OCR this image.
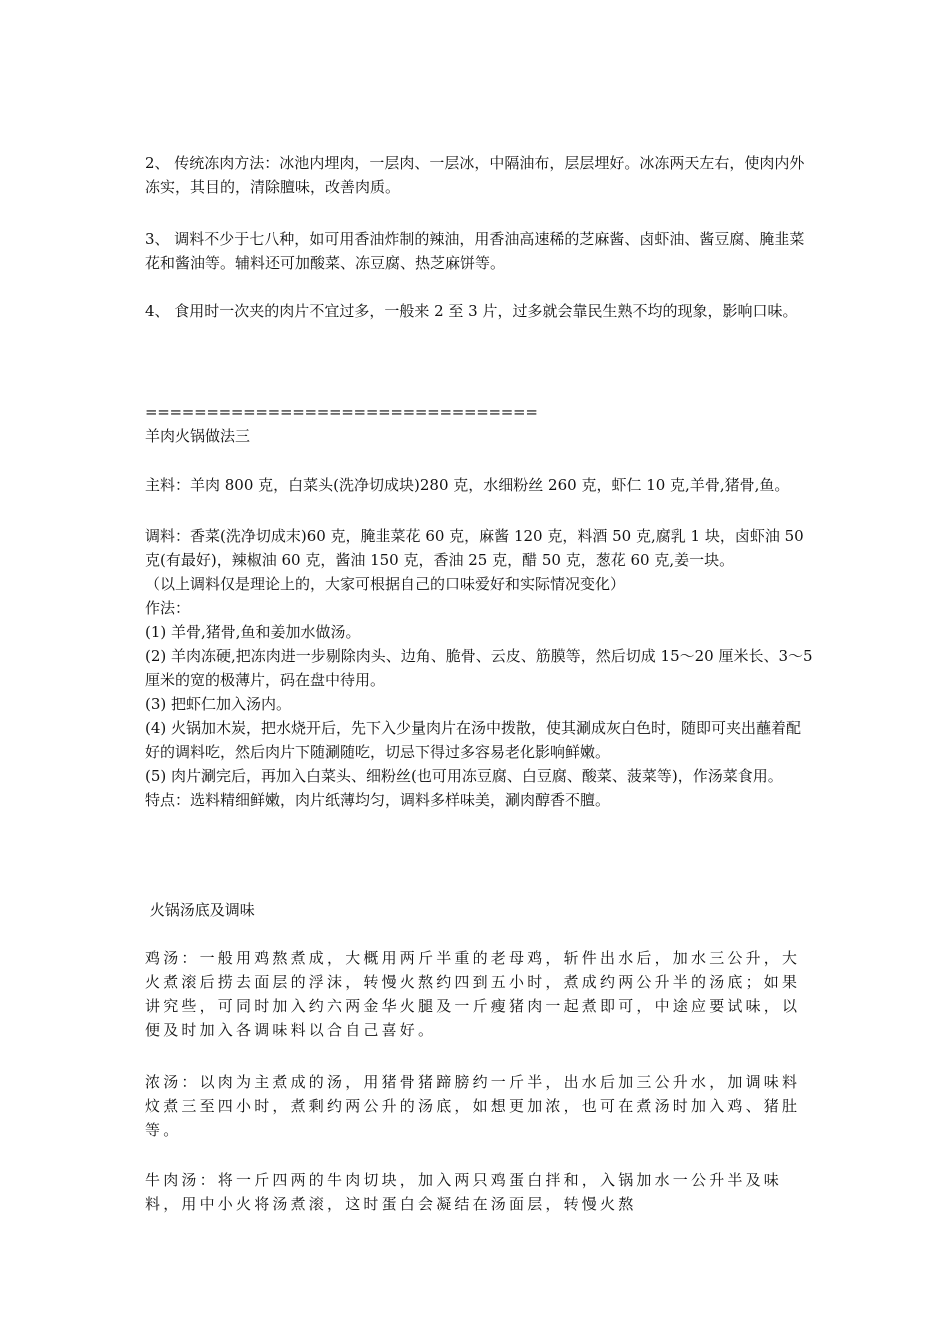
2、 传统冻肉方法：冰池内埋肉，一层肉、一层冰，中隔油布，层层埋好。冰冻两天左右，使肉内外冻实，其目的，清除膻味，改善肉质。

3、 调料不少于七八种，如可用香油炸制的辣油，用香油高速稀的芝麻酱、卤虾油、酱豆腐、腌韭菜花和酱油等。辅料还可加酸菜、冻豆腐、热芝麻饼等。

4、 食用时一次夹的肉片不宜过多，一般来 2 至 3 片，过多就会靠民生熟不均的现象，影响口味。

================================

羊肉火锅做法三

主料：羊肉 800 克，白菜头(洗净切成块)280 克，水细粉丝 260 克，虾仁 10 克,羊骨,猪骨,鱼。

调料：香菜(洗净切成末)60 克，腌韭菜花 60 克，麻酱 120 克，料酒 50 克,腐乳 1 块，卤虾油 50 克(有最好)，辣椒油 60 克，酱油 150 克，香油 25 克，醋 50 克，葱花 60 克,姜一块。

（以上调料仅是理论上的，大家可根据自己的口味爱好和实际情况变化）

作法：

(1) 羊骨,猪骨,鱼和姜加水做汤。

(2) 羊肉冻硬,把冻肉进一步剔除肉头、边角、脆骨、云皮、筋膜等，然后切成 15～20 厘米长、3～5 厘米的宽的极薄片，码在盘中待用。

(3) 把虾仁加入汤内。

(4) 火锅加木炭，把水烧开后，先下入少量肉片在汤中拨散，使其涮成灰白色时，随即可夹出蘸着配好的调料吃，然后肉片下随涮随吃，切忌下得过多容易老化影响鲜嫩。

(5) 肉片涮完后，再加入白菜头、细粉丝(也可用冻豆腐、白豆腐、酸菜、菠菜等)，作汤菜食用。

特点：选料精细鲜嫩，肉片纸薄均匀，调料多样味美，涮肉醇香不膻。

火锅汤底及调味

鸡汤：一般用鸡熬煮成，大概用两斤半重的老母鸡，斩件出水后，加水三公升，大火煮滚后捞去面层的浮沫，转慢火熬约四到五小时，煮成约两公升半的汤底；如果讲究些，可同时加入约六两金华火腿及一斤瘦猪肉一起煮即可，中途应要试味，以便及时加入各调味料以合自己喜好。

浓汤：以肉为主煮成的汤，用猪骨猪蹄膀约一斤半，出水后加三公升水，加调味料炆煮三至四小时，煮剩约两公升的汤底，如想更加浓，也可在煮汤时加入鸡、猪肚等。

牛肉汤：将一斤四两的牛肉切块，加入两只鸡蛋白拌和，入锅加水一公升半及味料，用中小火将汤煮滚，这时蛋白会凝结在汤面层，转慢火熬
